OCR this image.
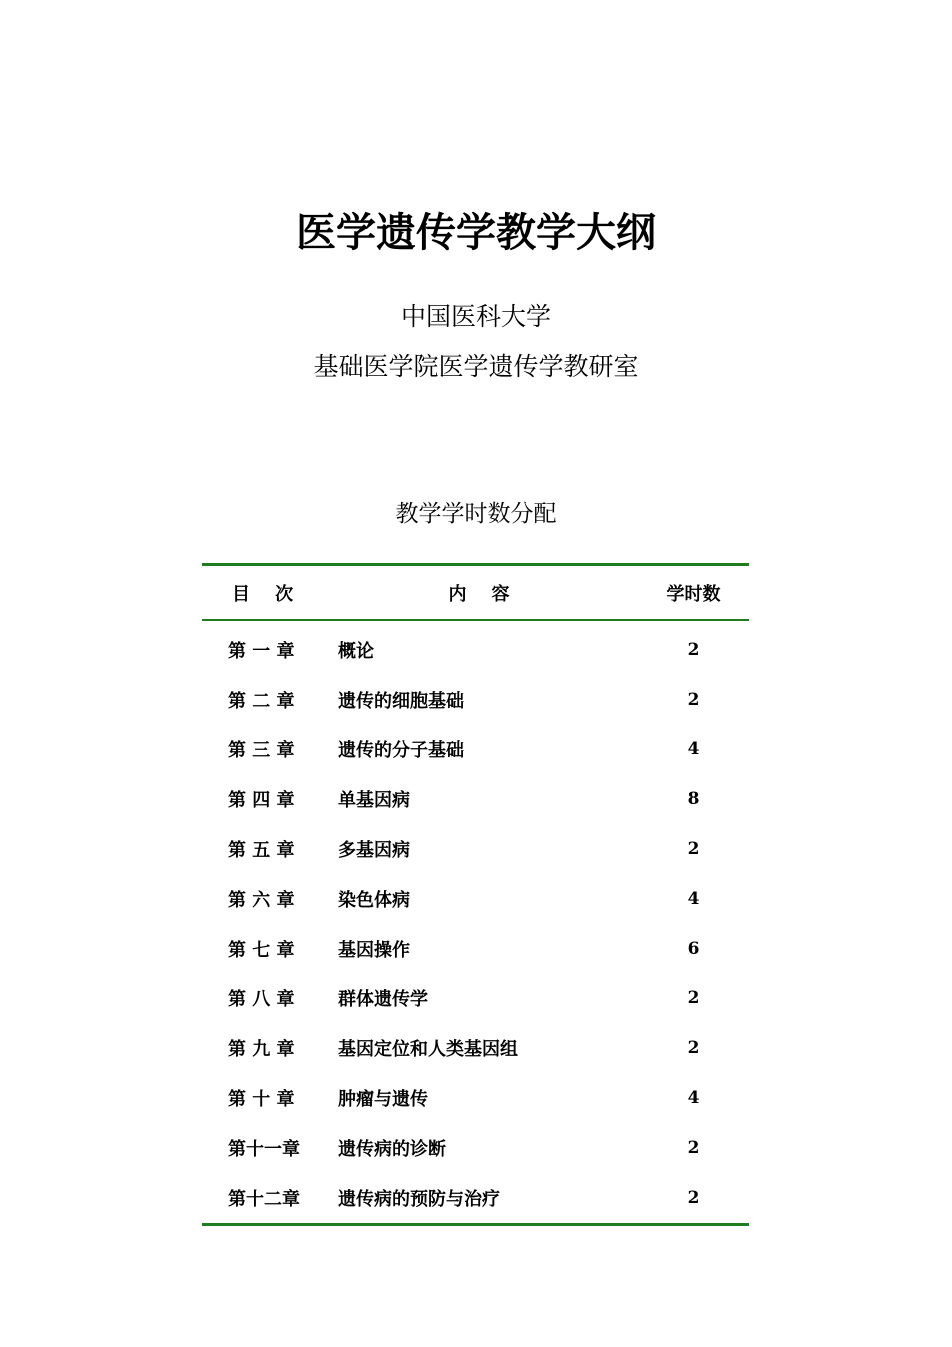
医学遗传学教学大纲
中国医科大学
基础医学院医学遗传学教研室
教学学时数分配
目    次	内    容	学时数
第 一 章	概论	2
第 二 章	遗传的细胞基础	2
第 三 章	遗传的分子基础	4
第 四 章	单基因病	8
第 五 章	多基因病	2
第 六 章	染色体病	4
第 七 章	基因操作	6
第 八 章	群体遗传学	2
第 九 章	基因定位和人类基因组	2
第 十 章	肿瘤与遗传	4
第十一章	遗传病的诊断	2
第十二章	遗传病的预防与治疗	2
